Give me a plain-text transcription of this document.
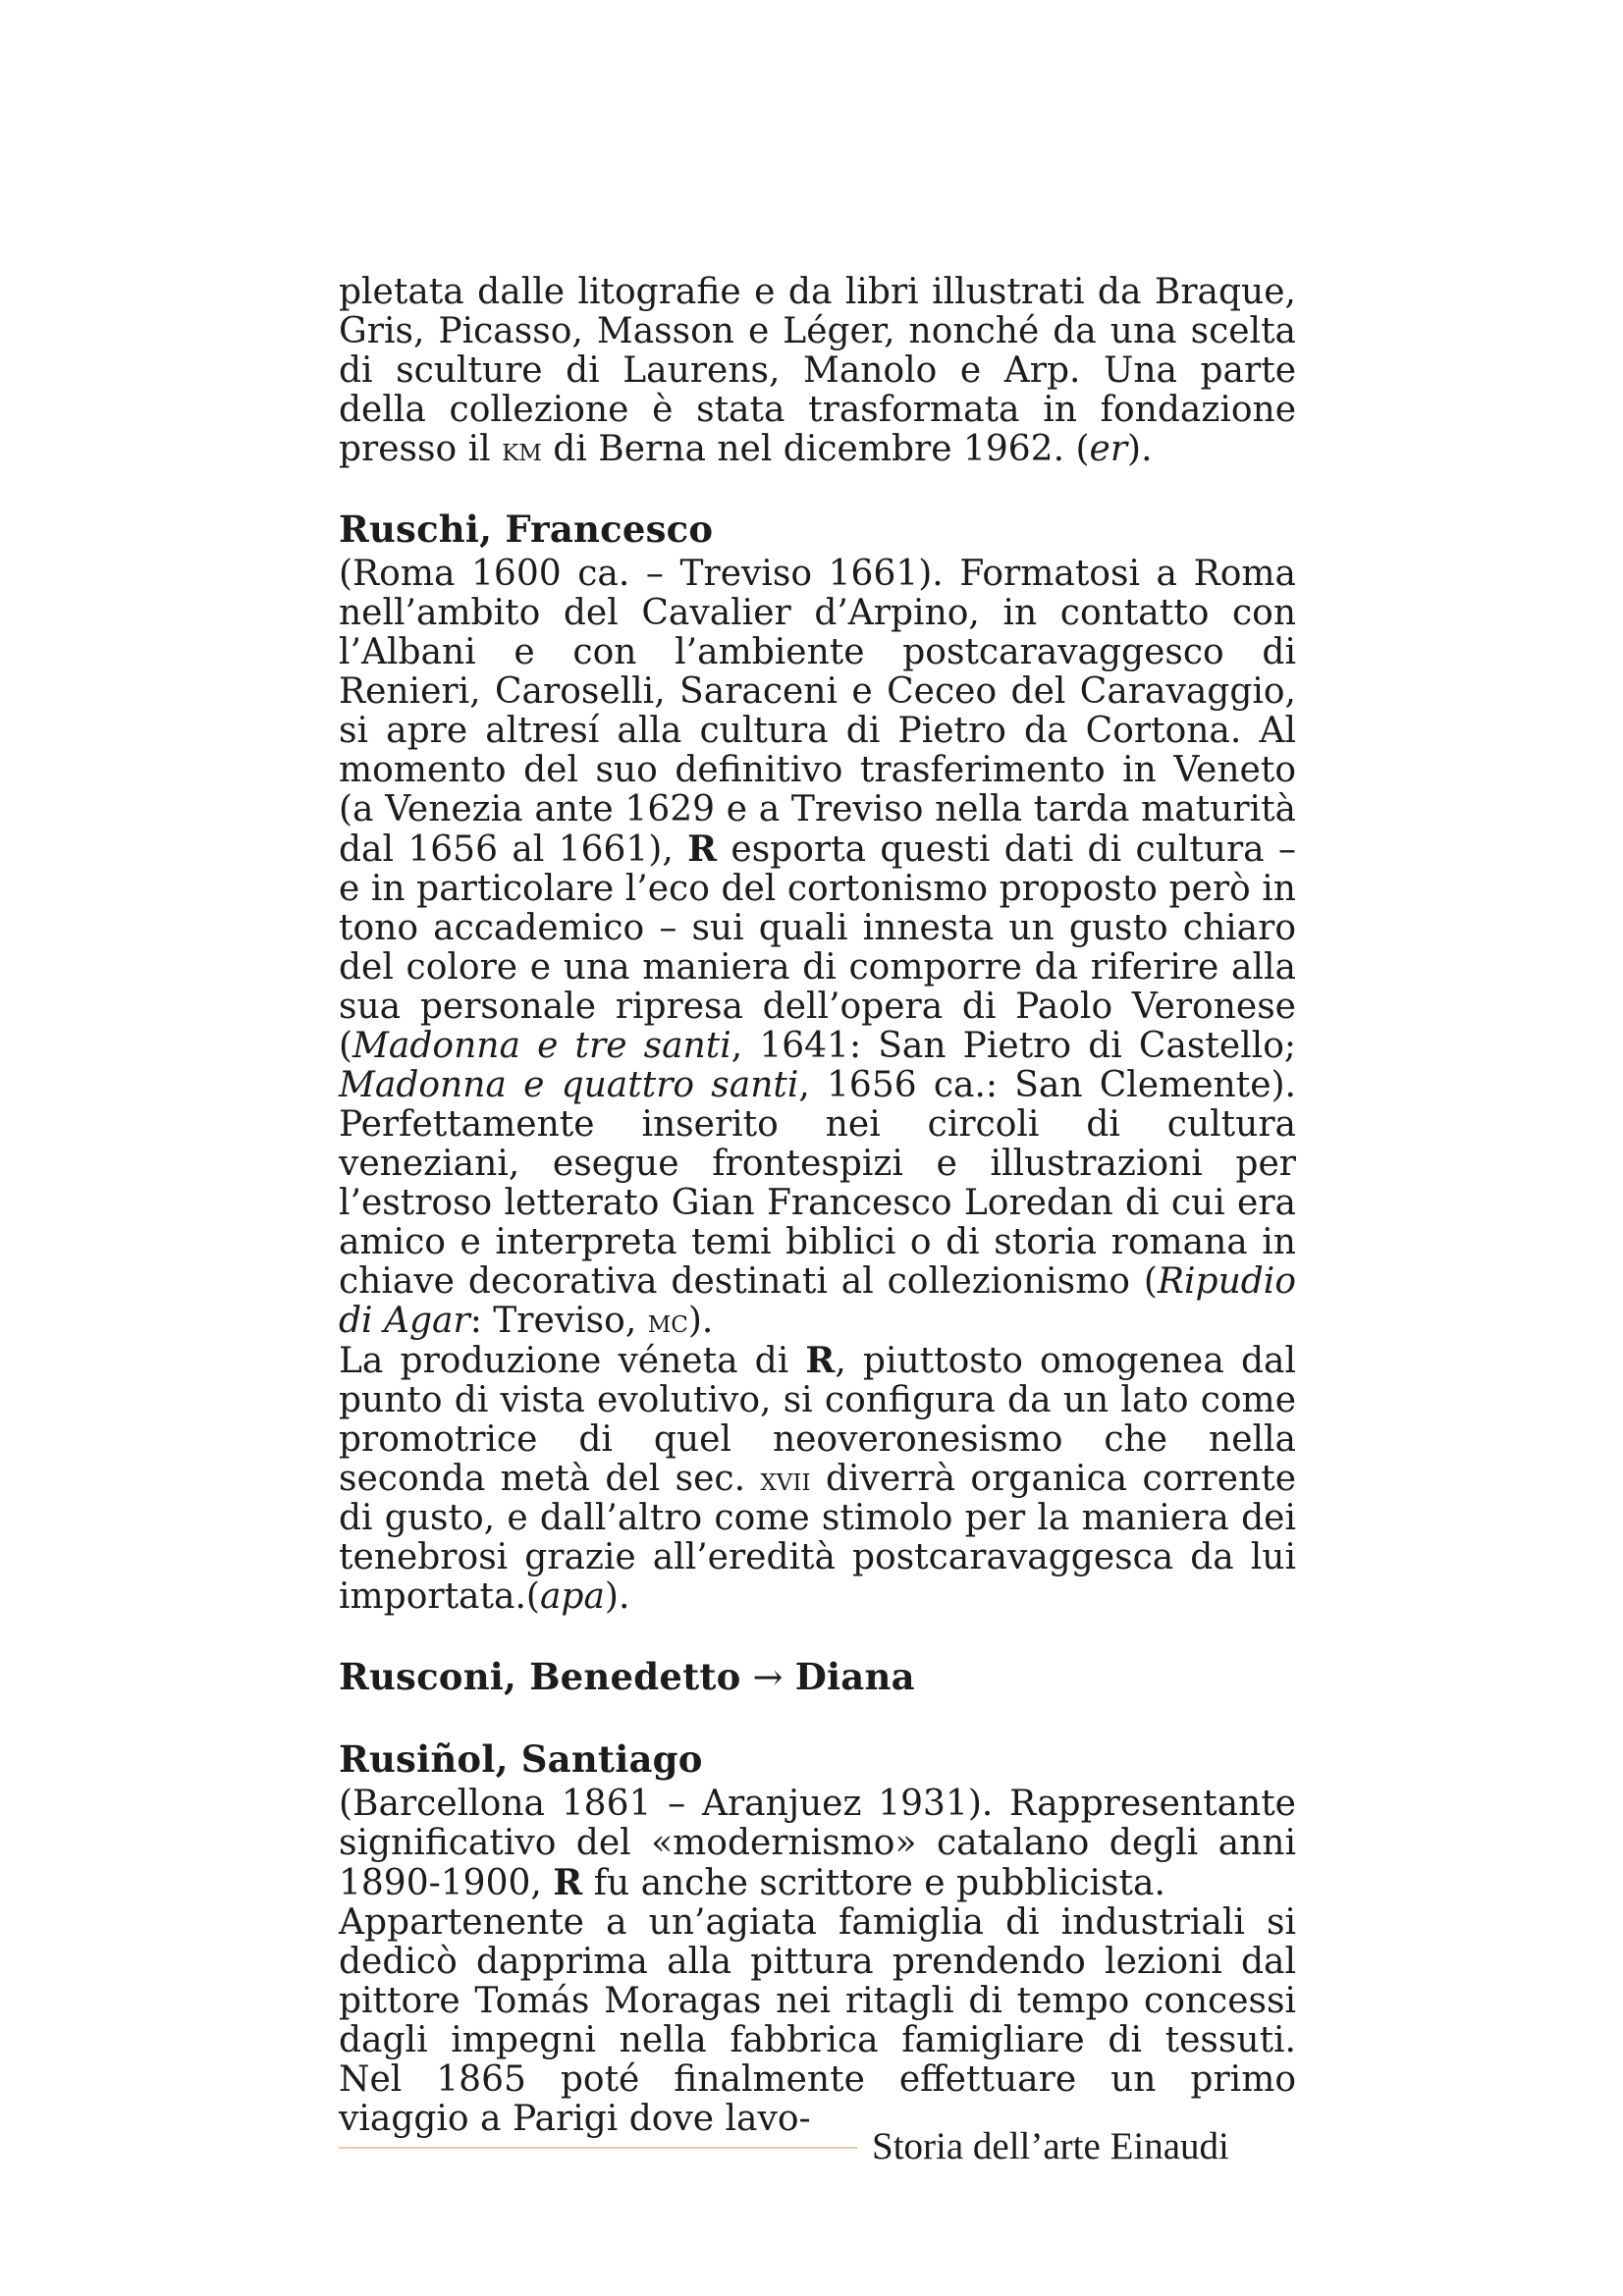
pletata dalle litografie e da libri illustrati da Braque, Gris, Picasso, Masson e Léger, nonché da una scelta di sculture di Laurens, Manolo e Arp. Una parte della collezione è stata trasformata in fondazione presso il km di Berna nel dicembre 1962. (er).

Ruschi, Francesco

(Roma 1600 ca. – Treviso 1661). Formatosi a Roma nell’ambito del Cavalier d’Arpino, in contatto con l’Albani e con l’ambiente postcaravaggesco di Renieri, Caroselli, Saraceni e Ceceo del Caravaggio, si apre altresí alla cultura di Pietro da Cortona. Al momento del suo definitivo trasferimento in Veneto (a Venezia ante 1629 e a Treviso nella tarda maturità dal 1656 al 1661), R esporta questi dati di cultura – e in particolare l’eco del cortonismo proposto però in tono accademico – sui quali innesta un gusto chiaro del colore e una maniera di comporre da riferire alla sua personale ripresa dell’opera di Paolo Veronese (Madonna e tre santi, 1641: San Pietro di Castello; Madonna e quattro santi, 1656 ca.: San Clemente). Perfettamente inserito nei circoli di cultura veneziani, esegue frontespizi e illustrazioni per l’estroso letterato Gian Francesco Loredan di cui era amico e interpreta temi biblici o di storia romana in chiave decorativa destinati al collezionismo (Ripudio di Agar: Treviso, mc).

La produzione véneta di R, piuttosto omogenea dal punto di vista evolutivo, si configura da un lato come promotrice di quel neoveronesismo che nella seconda metà del sec. xvii diverrà organica corrente di gusto, e dall’altro come stimolo per la maniera dei tenebrosi grazie all’eredità postcaravaggesca da lui importata.(apa).

Rusconi, Benedetto → Diana
Rusiñol, Santiago

(Barcellona 1861 – Aranjuez 1931). Rappresentante significativo del «modernismo» catalano degli anni 1890-1900, R fu anche scrittore e pubblicista.

Appartenente a un’agiata famiglia di industriali si dedicò dapprima alla pittura prendendo lezioni dal pittore Tomás Moragas nei ritagli di tempo concessi dagli impegni nella fabbrica famigliare di tessuti. Nel 1865 poté finalmente effettuare un primo viaggio a Parigi dove lavo-

Storia dell’arte Einaudi
